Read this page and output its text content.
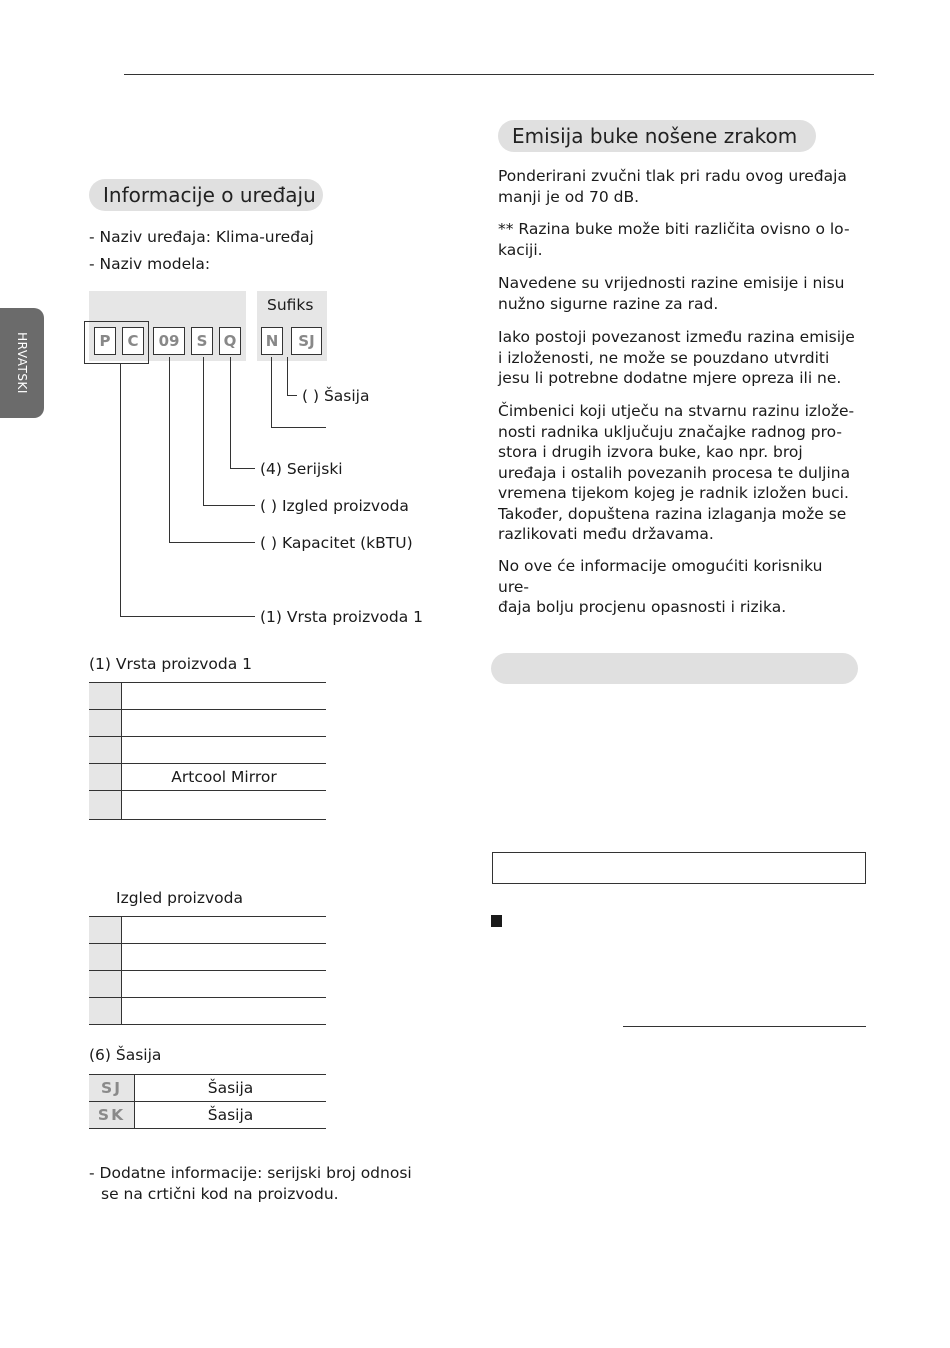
HRVATSKI
Informacije o uređaju
- Naziv uređaja: Klima-uređaj
- Naziv modela:
Sufiks
P	C	09	S	Q	N	SJ
( ) Šasija
(4) Serijski
( ) Izgled proizvoda
( ) Kapacitet (kBTU)
(1) Vrsta proizvoda 1
(1) Vrsta proizvoda 1
Artcool Mirror
Izgled proizvoda
(6) Šasija
SJ	Šasija
SK	Šasija
- Dodatne informacije: serijski broj odnosi
se na crtični kod na proizvodu.
Emisija buke nošene zrakom
Ponderirani zvučni tlak pri radu ovog uređaja
manji je od 70 dB.
** Razina buke može biti različita ovisno o lo-
kaciji.
Navedene su vrijednosti razine emisije i nisu
nužno sigurne razine za rad.
Iako postoji povezanost između razina emisije
i izloženosti, ne može se pouzdano utvrditi
jesu li potrebne dodatne mjere opreza ili ne.
Čimbenici koji utječu na stvarnu razinu izlože-
nosti radnika uključuju značajke radnog pro-
stora i drugih izvora buke, kao npr. broj
uređaja i ostalih povezanih procesa te duljina
vremena tijekom kojeg je radnik izložen buci.
Također, dopuštena razina izlaganja može se
razlikovati među državama.
No ove će informacije omogućiti korisniku ure-
đaja bolju procjenu opasnosti i rizika.
